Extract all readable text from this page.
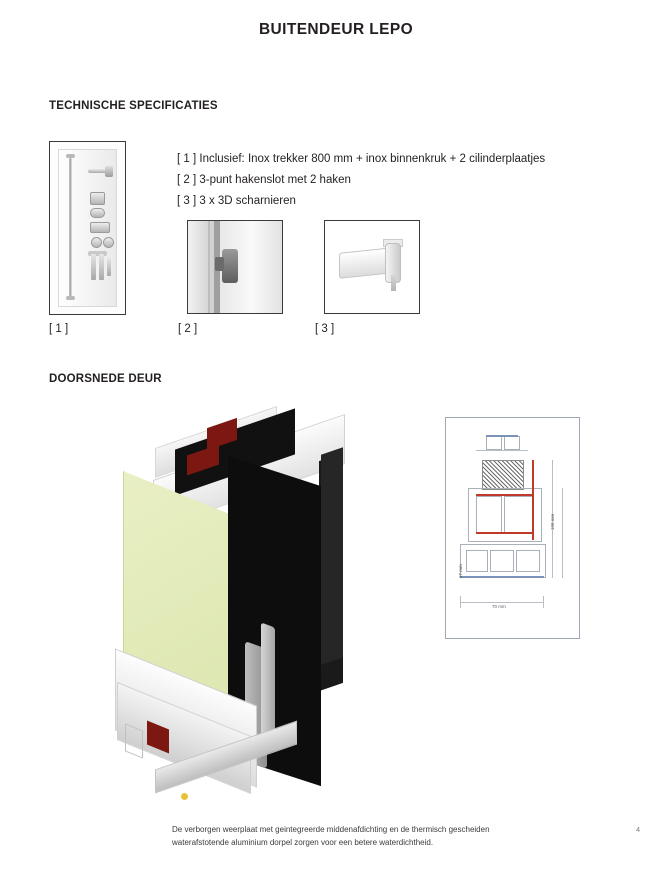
BUITENDEUR LEPO
TECHNISCHE SPECIFICATIES
[ 1 ] Inclusief: Inox trekker 800 mm + inox binnenkruk + 2 cilinderplaatjes
[ 2 ] 3-punt hakenslot met 2 haken
[ 3 ] 3 x 3D scharnieren
[ 1 ]	[ 2 ]	[ 3 ]
DOORSNEDE DEUR
108 mm
67 mm
70 mm
De verborgen weerplaat met geintegreerde middenafdichting en de thermisch gescheiden
waterafstotende aluminium dorpel zorgen voor een betere waterdichtheid.
4
